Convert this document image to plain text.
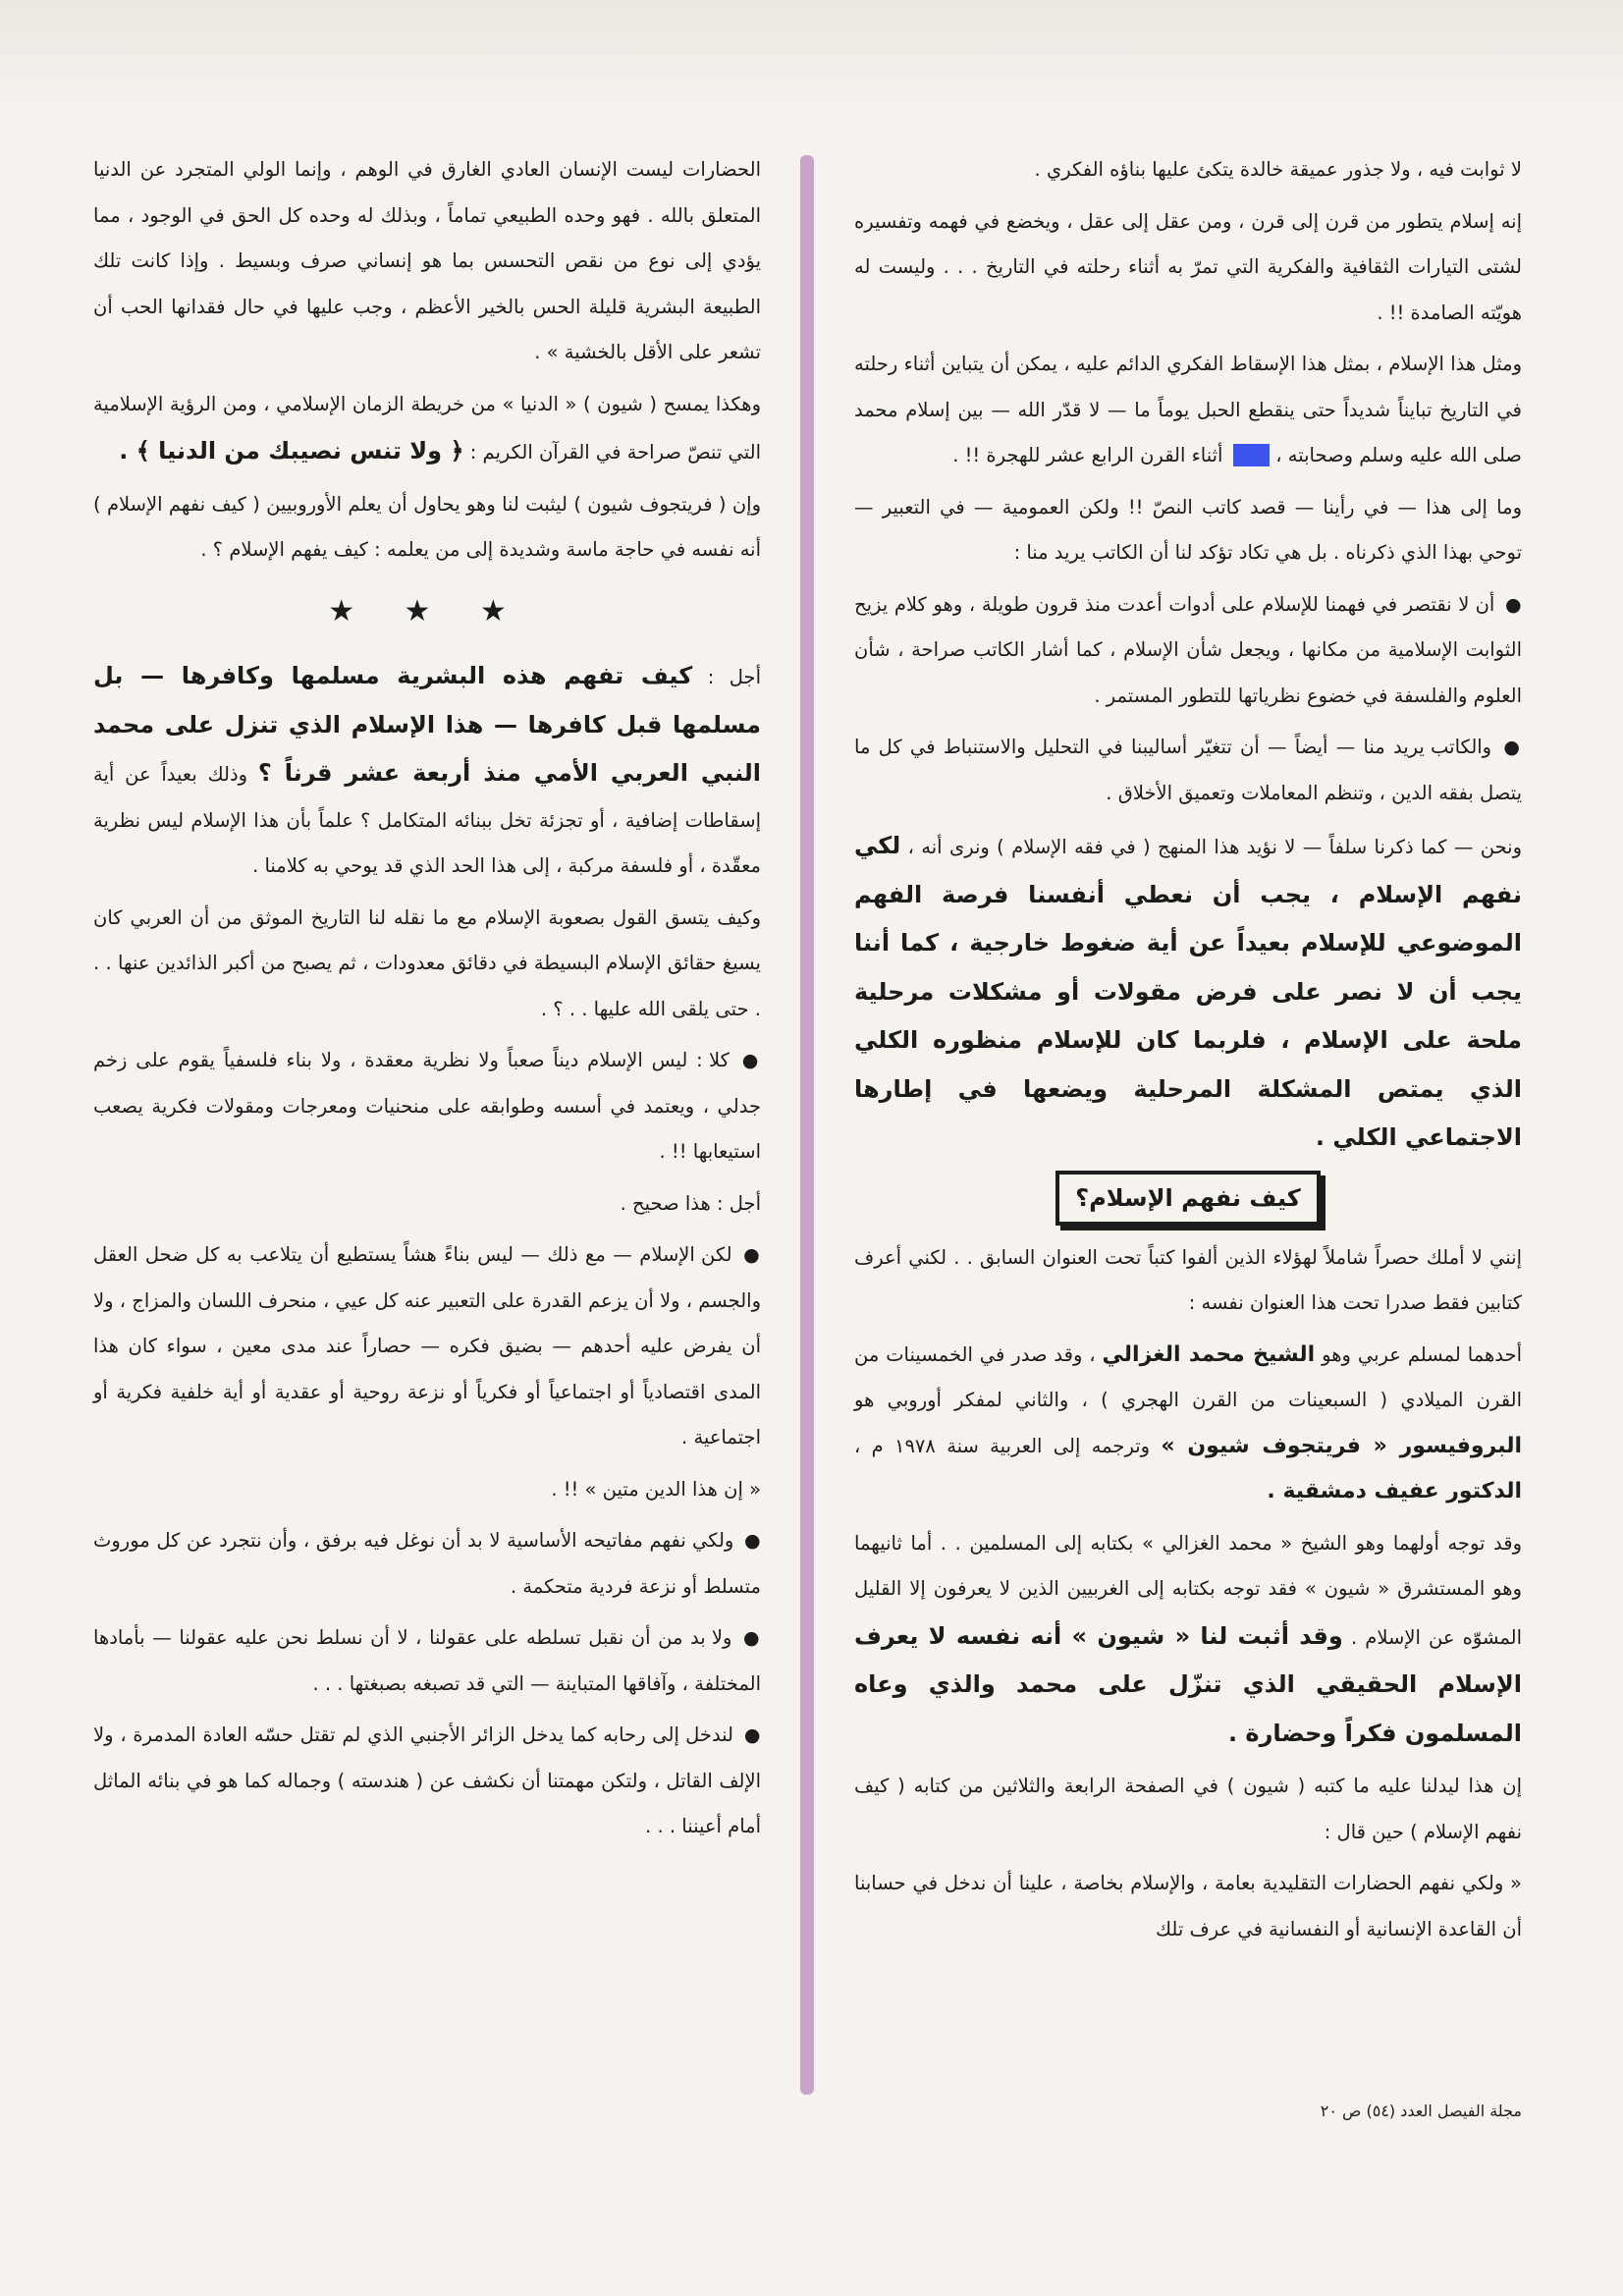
لا ثوابت فيه ، ولا جذور عميقة خالدة يتكئ عليها بناؤه الفكري .

إنه إسلام يتطور من قرن إلى قرن ، ومن عقل إلى عقل ، ويخضع في فهمه وتفسيره لشتى التيارات الثقافية والفكرية التي تمرّ به أثناء رحلته في التاريخ . . . وليست له هويّته الصامدة !! .

ومثل هذا الإسلام ، بمثل هذا الإسقاط الفكري الدائم عليه ، يمكن أن يتباين أثناء رحلته في التاريخ تبايناً شديداً حتى ينقطع الحبل يوماً ما — لا قدّر الله — بين إسلام محمد صلى الله عليه وسلم وصحابته ، و أثناء القرن الرابع عشر للهجرة !! .

وما إلى هذا — في رأينا — قصد كاتب النصّ !! ولكن العمومية — في التعبير — توحي بهذا الذي ذكرناه . بل هي تكاد تؤكد لنا أن الكاتب يريد منا :

● أن لا نقتصر في فهمنا للإسلام على أدوات أعدت منذ قرون طويلة ، وهو كلام يزيح الثوابت الإسلامية من مكانها ، ويجعل شأن الإسلام ، كما أشار الكاتب صراحة ، شأن العلوم والفلسفة في خضوع نظرياتها للتطور المستمر .

● والكاتب يريد منا — أيضاً — أن تتغيّر أساليبنا في التحليل والاستنباط في كل ما يتصل بفقه الدين ، وتنظم المعاملات وتعميق الأخلاق .

ونحن — كما ذكرنا سلفاً — لا نؤيد هذا المنهج ( في فقه الإسلام ) ونرى أنه ، لكي نفهم الإسلام ، يجب أن نعطي أنفسنا فرصة الفهم الموضوعي للإسلام بعيداً عن أية ضغوط خارجية ، كما أننا يجب أن لا نصر على فرض مقولات أو مشكلات مرحلية ملحة على الإسلام ، فلربما كان للإسلام منظوره الكلي الذي يمتص المشكلة المرحلية ويضعها في إطارها الاجتماعي الكلي .

كيف نفهم الإسلام؟

إنني لا أملك حصراً شاملاً لهؤلاء الذين ألفوا كتباً تحت العنوان السابق . . لكني أعرف كتابين فقط صدرا تحت هذا العنوان نفسه :

أحدهما لمسلم عربي وهو الشيخ محمد الغزالي ، وقد صدر في الخمسينات من القرن الميلادي ( السبعينات من القرن الهجري ) ، والثاني لمفكر أوروبي هو البروفيسور « فريتجوف شيون » وترجمه إلى العربية سنة ١٩٧٨ م ، الدكتور عفيف دمشقية .

وقد توجه أولهما وهو الشيخ « محمد الغزالي » بكتابه إلى المسلمين . . أما ثانيهما وهو المستشرق « شيون » فقد توجه بكتابه إلى الغربيين الذين لا يعرفون إلا القليل المشوّه عن الإسلام . وقد أثبت لنا « شيون » أنه نفسه لا يعرف الإسلام الحقيقي الذي تنزّل على محمد والذي وعاه المسلمون فكراً وحضارة .

إن هذا ليدلنا عليه ما كتبه ( شيون ) في الصفحة الرابعة والثلاثين من كتابه ( كيف نفهم الإسلام ) حين قال :

« ولكي نفهم الحضارات التقليدية بعامة ، والإسلام بخاصة ، علينا أن ندخل في حسابنا أن القاعدة الإنسانية أو النفسانية في عرف تلك

الحضارات ليست الإنسان العادي الغارق في الوهم ، وإنما الولي المتجرد عن الدنيا المتعلق بالله . فهو وحده الطبيعي تماماً ، وبذلك له وحده كل الحق في الوجود ، مما يؤدي إلى نوع من نقص التحسس بما هو إنساني صرف وبسيط . وإذا كانت تلك الطبيعة البشرية قليلة الحس بالخير الأعظم ، وجب عليها في حال فقدانها الحب أن تشعر على الأقل بالخشية » .

وهكذا يمسح ( شيون ) « الدنيا » من خريطة الزمان الإسلامي ، ومن الرؤية الإسلامية التي تنصّ صراحة في القرآن الكريم : ﴿ ولا تنس نصيبك من الدنيا ﴾ .

وإن ( فريتجوف شيون ) ليثبت لنا وهو يحاول أن يعلم الأوروبيين ( كيف نفهم الإسلام ) أنه نفسه في حاجة ماسة وشديدة إلى من يعلمه : كيف يفهم الإسلام ؟ .

★ ★ ★

أجل : كيف تفهم هذه البشرية مسلمها وكافرها — بل مسلمها قبل كافرها — هذا الإسلام الذي تنزل على محمد النبي العربي الأمي منذ أربعة عشر قرناً ؟ وذلك بعيداً عن أية إسقاطات إضافية ، أو تجزئة تخل ببنائه المتكامل ؟ علماً بأن هذا الإسلام ليس نظرية معقّدة ، أو فلسفة مركبة ، إلى هذا الحد الذي قد يوحي به كلامنا .

وكيف يتسق القول بصعوبة الإسلام مع ما نقله لنا التاريخ الموثق من أن العربي كان يسيغ حقائق الإسلام البسيطة في دقائق معدودات ، ثم يصبح من أكبر الذائدين عنها . . . حتى يلقى الله عليها . . ؟ .

● كلا : ليس الإسلام ديناً صعباً ولا نظرية معقدة ، ولا بناء فلسفياً يقوم على زخم جدلي ، ويعتمد في أسسه وطوابقه على منحنيات ومعرجات ومقولات فكرية يصعب استيعابها !! .

أجل : هذا صحيح .

● لكن الإسلام — مع ذلك — ليس بناءً هشاً يستطيع أن يتلاعب به كل ضحل العقل والجسم ، ولا أن يزعم القدرة على التعبير عنه كل عيي ، منحرف اللسان والمزاج ، ولا أن يفرض عليه أحدهم — بضيق فكره — حصاراً عند مدى معين ، سواء كان هذا المدى اقتصادياً أو اجتماعياً أو فكرياً أو نزعة روحية أو عقدية أو أية خلفية فكرية أو اجتماعية .

« إن هذا الدين متين » !! .

● ولكي نفهم مفاتيحه الأساسية لا بد أن نوغل فيه برفق ، وأن نتجرد عن كل موروث متسلط أو نزعة فردية متحكمة .

● ولا بد من أن نقبل تسلطه على عقولنا ، لا أن نسلط نحن عليه عقولنا — بأمادها المختلفة ، وآفاقها المتباينة — التي قد تصبغه بصبغتها . . .

● لندخل إلى رحابه كما يدخل الزائر الأجنبي الذي لم تقتل حسّه العادة المدمرة ، ولا الإلف القاتل ، ولتكن مهمتنا أن نكشف عن ( هندسته ) وجماله كما هو في بنائه الماثل أمام أعيننا . . .

مجلة الفيصل العدد (٥٤) ص ٢٠
